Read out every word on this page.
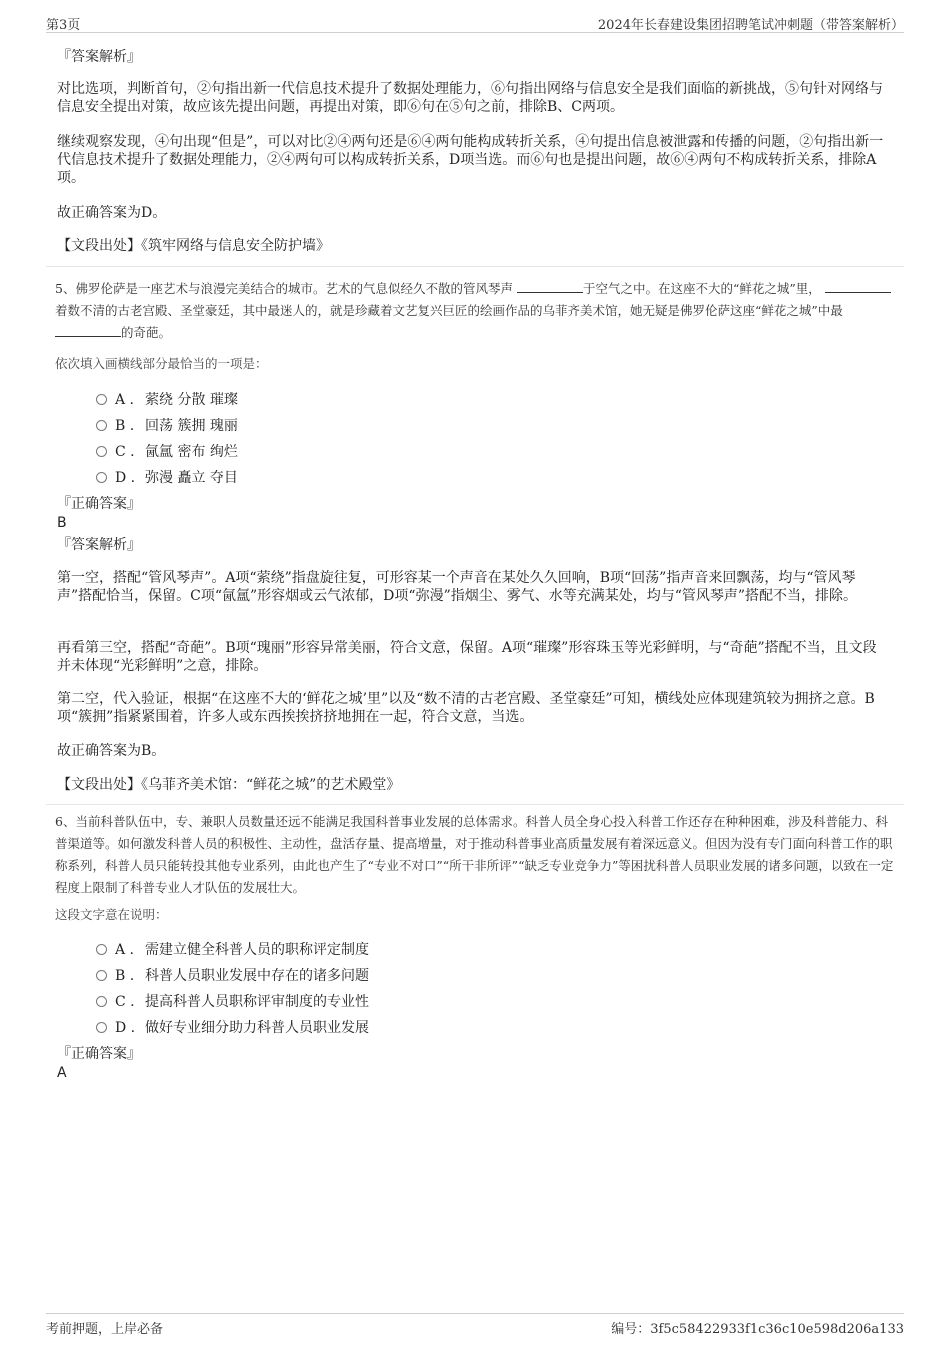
第3页	2024年长春建设集团招聘笔试冲刺题（带答案解析）
『答案解析』

对比选项，判断首句，②句指出新一代信息技术提升了数据处理能力，⑥句指出网络与信息安全是我们面临的新挑战，⑤句针对网络与信息安全提出对策，故应该先提出问题，再提出对策，即⑥句在⑤句之前，排除B、C两项。

继续观察发现，④句出现“但是”，可以对比②④两句还是⑥④两句能构成转折关系，④句提出信息被泄露和传播的问题，②句指出新一代信息技术提升了数据处理能力，②④两句可以构成转折关系，D项当选。而⑥句也是提出问题，故⑥④两句不构成转折关系，排除A项。

故正确答案为D。

【文段出处】《筑牢网络与信息安全防护墙》

5、佛罗伦萨是一座艺术与浪漫完美结合的城市。艺术的气息似经久不散的管风琴声	于空气之中。在这座不大的“鲜花之城”里， 着数不清的古老宫殿、圣堂豪廷，其中最迷人的，就是珍藏着文艺复兴巨匠的绘画作品的乌菲齐美术馆，她无疑是佛罗伦萨这座“鲜花之城”中最 的奇葩。

依次填入画横线部分最恰当的一项是：

A . 萦绕 分散 璀璨
B . 回荡 簇拥 瑰丽
C . 氤氲 密布 绚烂
D . 弥漫 矗立 夺目
『正确答案』
B
『答案解析』

第一空，搭配“管风琴声”。A项“萦绕”指盘旋往复，可形容某一个声音在某处久久回响，B项“回荡”指声音来回飘荡，均与“管风琴声”搭配恰当，保留。C项“氤氲”形容烟或云气浓郁，D项“弥漫”指烟尘、雾气、水等充满某处，均与“管风琴声”搭配不当，排除。

再看第三空，搭配“奇葩”。B项“瑰丽”形容异常美丽，符合文意，保留。A项“璀璨”形容珠玉等光彩鲜明，与“奇葩”搭配不当，且文段并未体现“光彩鲜明”之意，排除。

第二空，代入验证，根据“在这座不大的‘鲜花之城’里”以及“数不清的古老宫殿、圣堂豪廷”可知，横线处应体现建筑较为拥挤之意。B项“簇拥”指紧紧围着，许多人或东西挨挨挤挤地拥在一起，符合文意，当选。

故正确答案为B。

【文段出处】《乌菲齐美术馆：“鲜花之城”的艺术殿堂》

6、当前科普队伍中，专、兼职人员数量还远不能满足我国科普事业发展的总体需求。科普人员全身心投入科普工作还存在种种困难，涉及科普能力、科普渠道等。如何激发科普人员的积极性、主动性，盘活存量、提高增量，对于推动科普事业高质量发展有着深远意义。但因为没有专门面向科普工作的职称系列，科普人员只能转投其他专业系列，由此也产生了“专业不对口”“所干非所评”“缺乏专业竞争力”等困扰科普人员职业发展的诸多问题，以致在一定程度上限制了科普专业人才队伍的发展壮大。

这段文字意在说明：

A . 需建立健全科普人员的职称评定制度
B . 科普人员职业发展中存在的诸多问题
C . 提高科普人员职称评审制度的专业性
D . 做好专业细分助力科普人员职业发展
『正确答案』
A
考前押题，上岸必备	编号：3f5c58422933f1c36c10e598d206a133
